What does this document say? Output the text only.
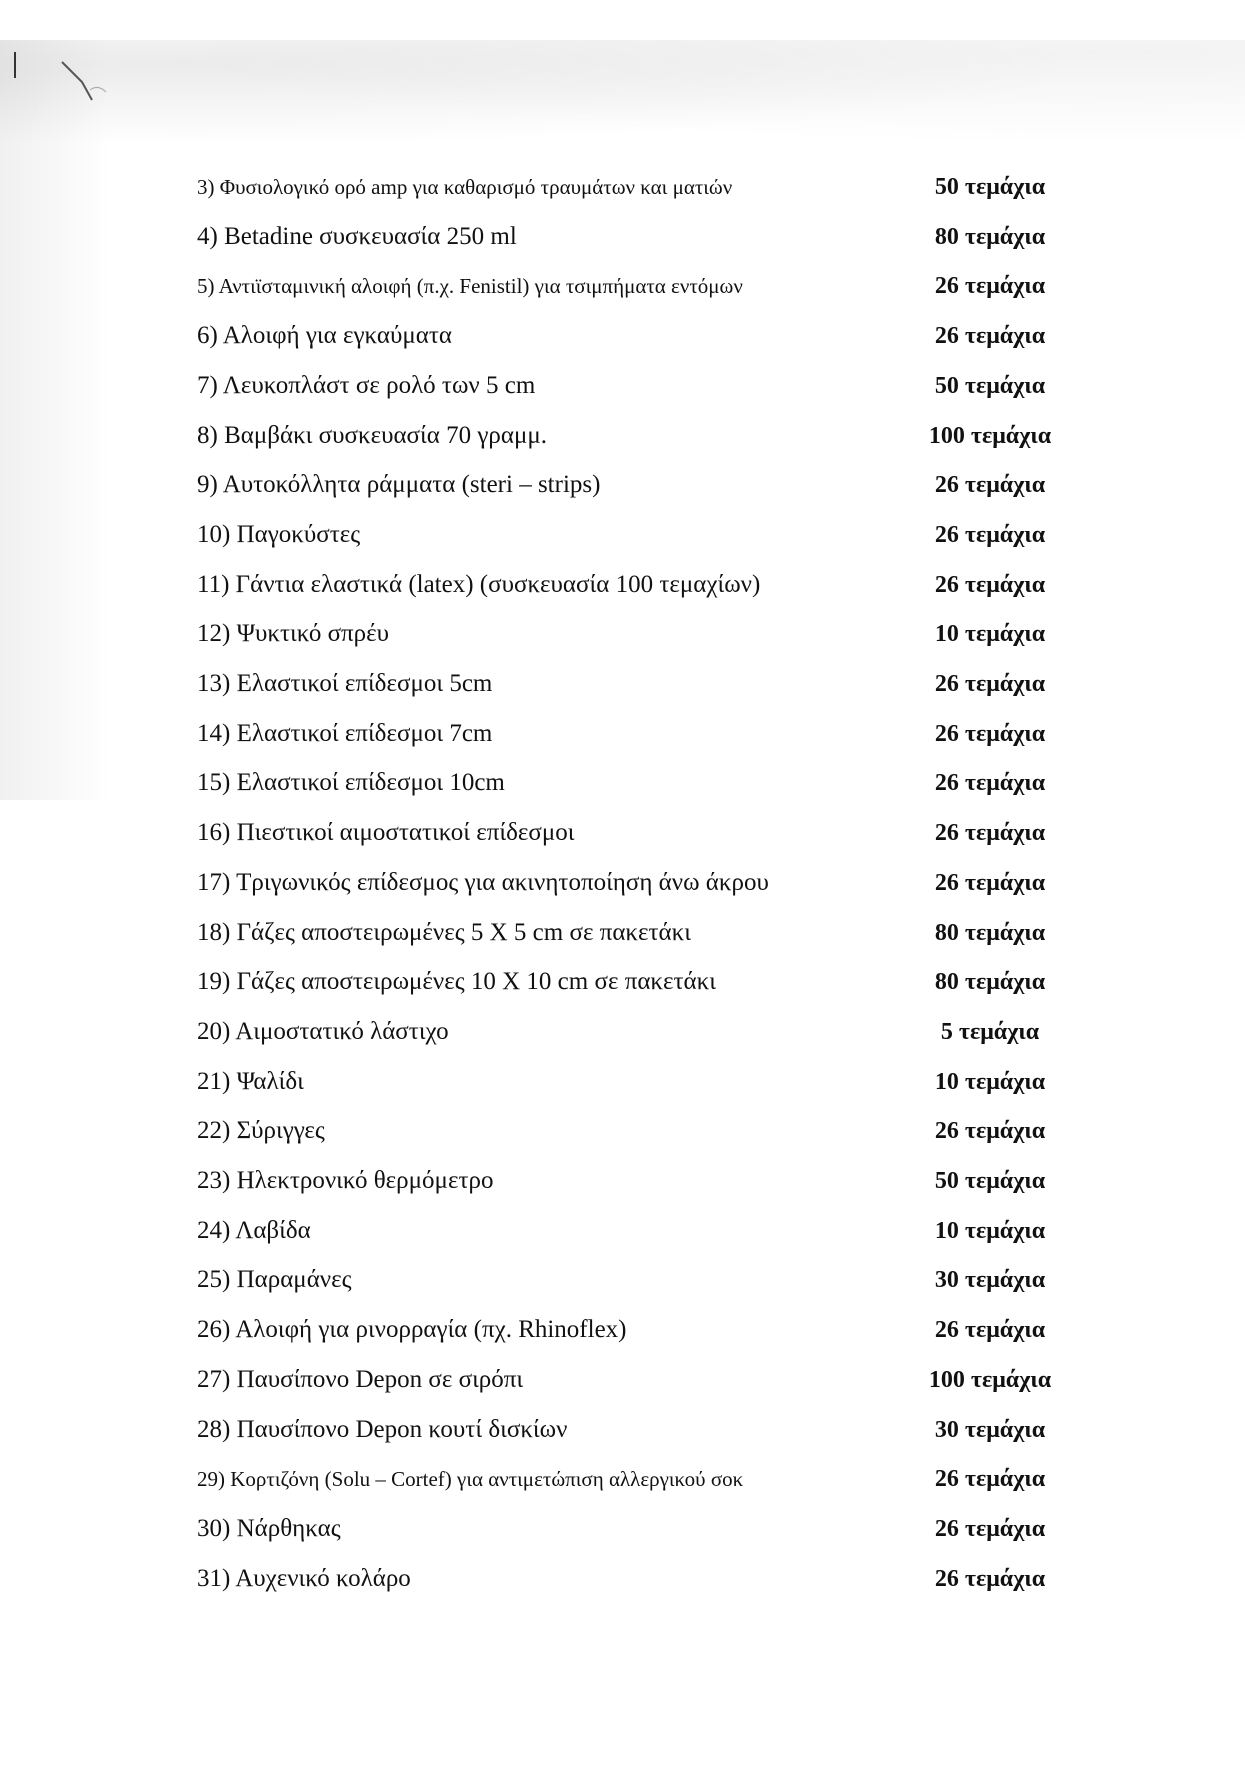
3) Φυσιολογικό ορό amp για καθαρισμό τραυμάτων και ματιών	50 τεμάχια
4) Betadine συσκευασία 250 ml	80 τεμάχια
5) Αντιϊσταμινική αλοιφή (π.χ. Fenistil) για τσιμπήματα εντόμων	26 τεμάχια
6) Αλοιφή για εγκαύματα	26 τεμάχια
7) Λευκοπλάστ σε ρολό των 5 cm	50 τεμάχια
8) Βαμβάκι συσκευασία 70 γραμμ.	100 τεμάχια
9) Αυτοκόλλητα ράμματα (steri – strips)	26 τεμάχια
10) Παγοκύστες	26 τεμάχια
11) Γάντια ελαστικά (latex) (συσκευασία 100 τεμαχίων)	26 τεμάχια
12) Ψυκτικό σπρέυ	10 τεμάχια
13) Ελαστικοί επίδεσμοι 5cm	26 τεμάχια
14) Ελαστικοί επίδεσμοι 7cm	26 τεμάχια
15) Ελαστικοί επίδεσμοι 10cm	26 τεμάχια
16) Πιεστικοί αιμοστατικοί επίδεσμοι	26 τεμάχια
17) Τριγωνικός επίδεσμος για ακινητοποίηση άνω άκρου	26 τεμάχια
18) Γάζες αποστειρωμένες 5 Χ 5 cm σε πακετάκι	80 τεμάχια
19) Γάζες αποστειρωμένες 10 Χ 10 cm σε πακετάκι	80 τεμάχια
20) Αιμοστατικό λάστιχο	5 τεμάχια
21) Ψαλίδι	10 τεμάχια
22) Σύριγγες	26 τεμάχια
23) Ηλεκτρονικό θερμόμετρο	50 τεμάχια
24) Λαβίδα	10 τεμάχια
25) Παραμάνες	30 τεμάχια
26) Αλοιφή για ρινορραγία (πχ. Rhinoflex)	26 τεμάχια
27) Παυσίπονο Depon σε σιρόπι	100 τεμάχια
28) Παυσίπονο Depon κουτί δισκίων	30 τεμάχια
29) Κορτιζόνη (Solu – Cortef) για αντιμετώπιση αλλεργικού σοκ	26 τεμάχια
30) Νάρθηκας	26 τεμάχια
31) Αυχενικό κολάρο	26 τεμάχια
